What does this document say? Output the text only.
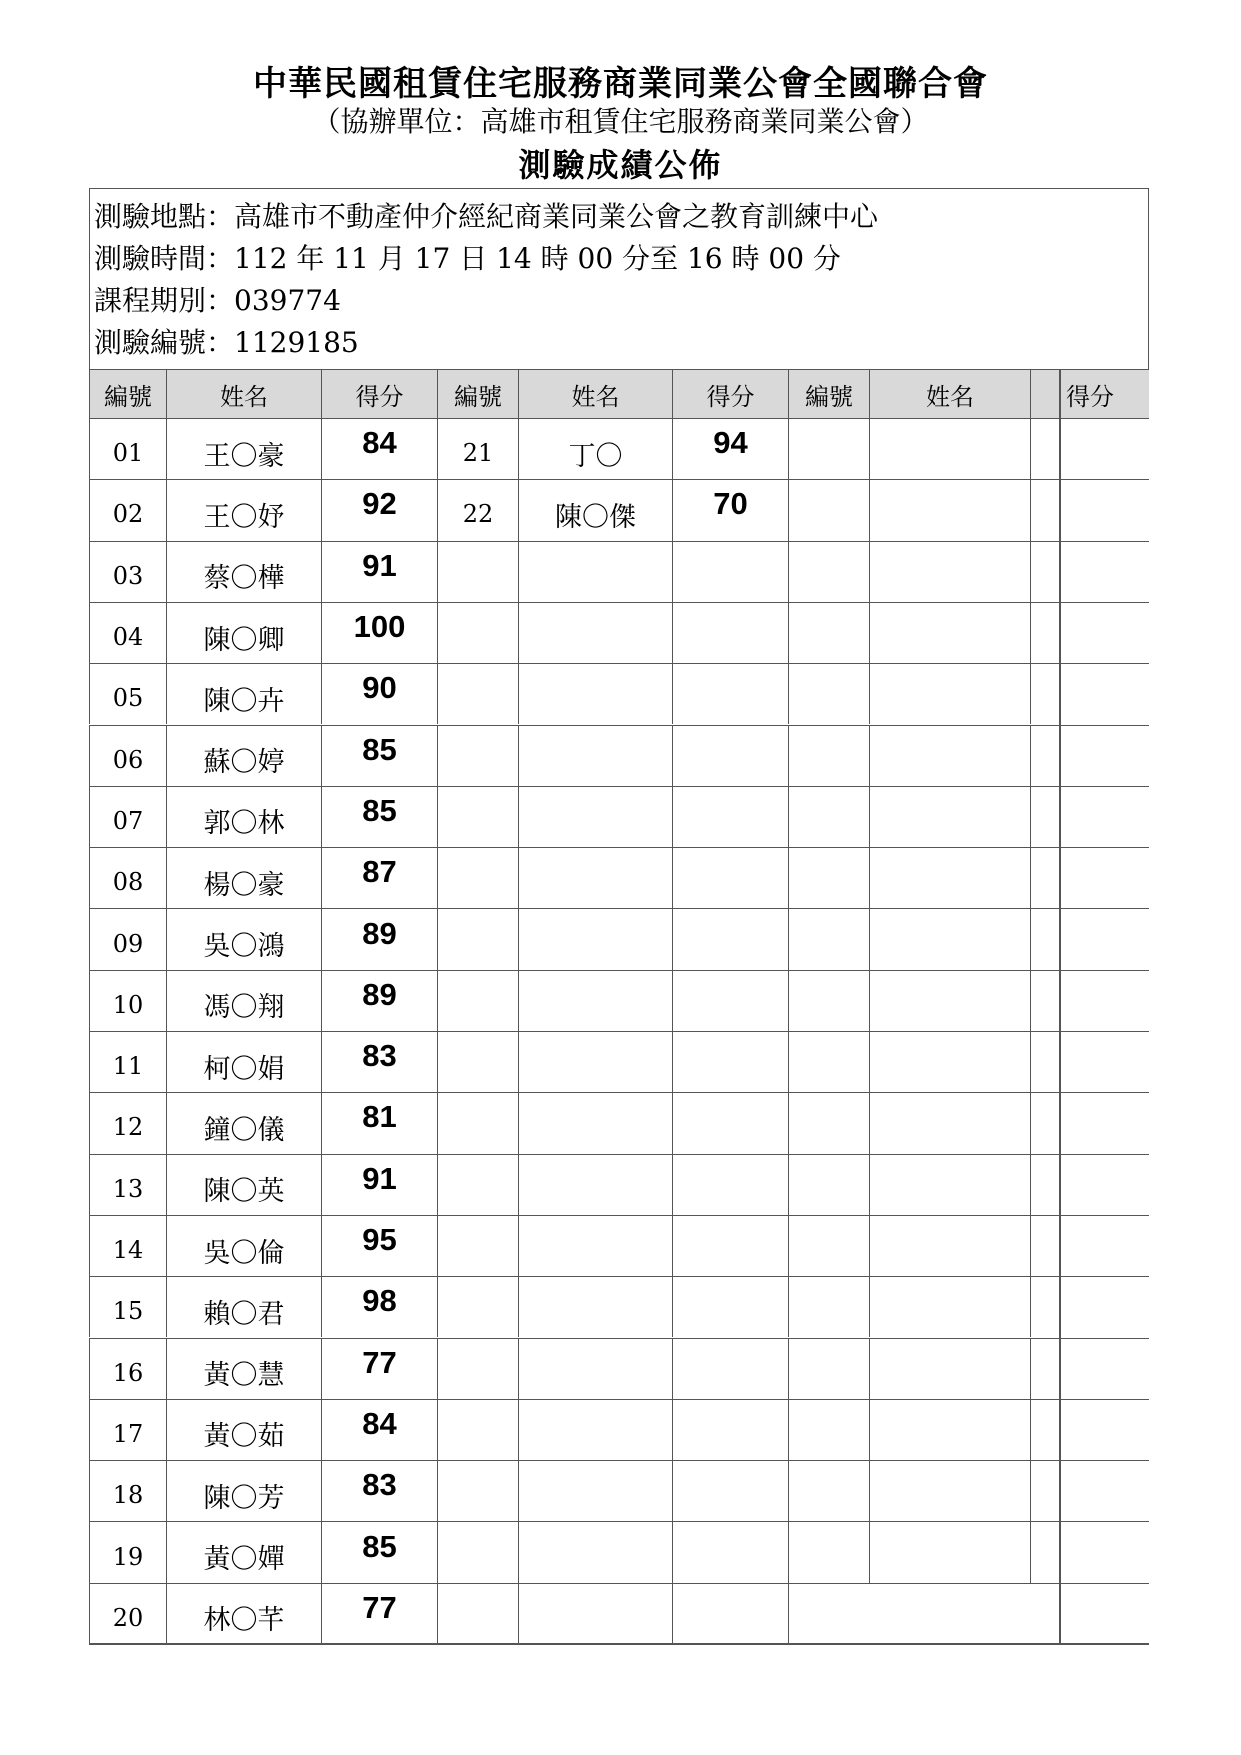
中華民國租賃住宅服務商業同業公會全國聯合會
（協辦單位：高雄市租賃住宅服務商業同業公會）
測驗成績公佈
測驗地點：高雄市不動產仲介經紀商業同業公會之教育訓練中心
測驗時間：112 年 11 月 17 日 14 時 00 分至 16 時 00 分
課程期別：039774
測驗編號：1129185
編號	姓名	得分	編號	姓名	得分	編號	姓名	得分
01	王〇豪	84	21	丁〇	94
02	王〇妤	92	22	陳〇傑	70
03	蔡〇樺	91
04	陳〇卿	100
05	陳〇卉	90
06	蘇〇婷	85
07	郭〇林	85
08	楊〇豪	87
09	吳〇鴻	89
10	馮〇翔	89
11	柯〇娟	83
12	鐘〇儀	81
13	陳〇英	91
14	吳〇倫	95
15	賴〇君	98
16	黃〇慧	77
17	黃〇茹	84
18	陳〇芳	83
19	黃〇嬋	85
20	林〇芊	77
